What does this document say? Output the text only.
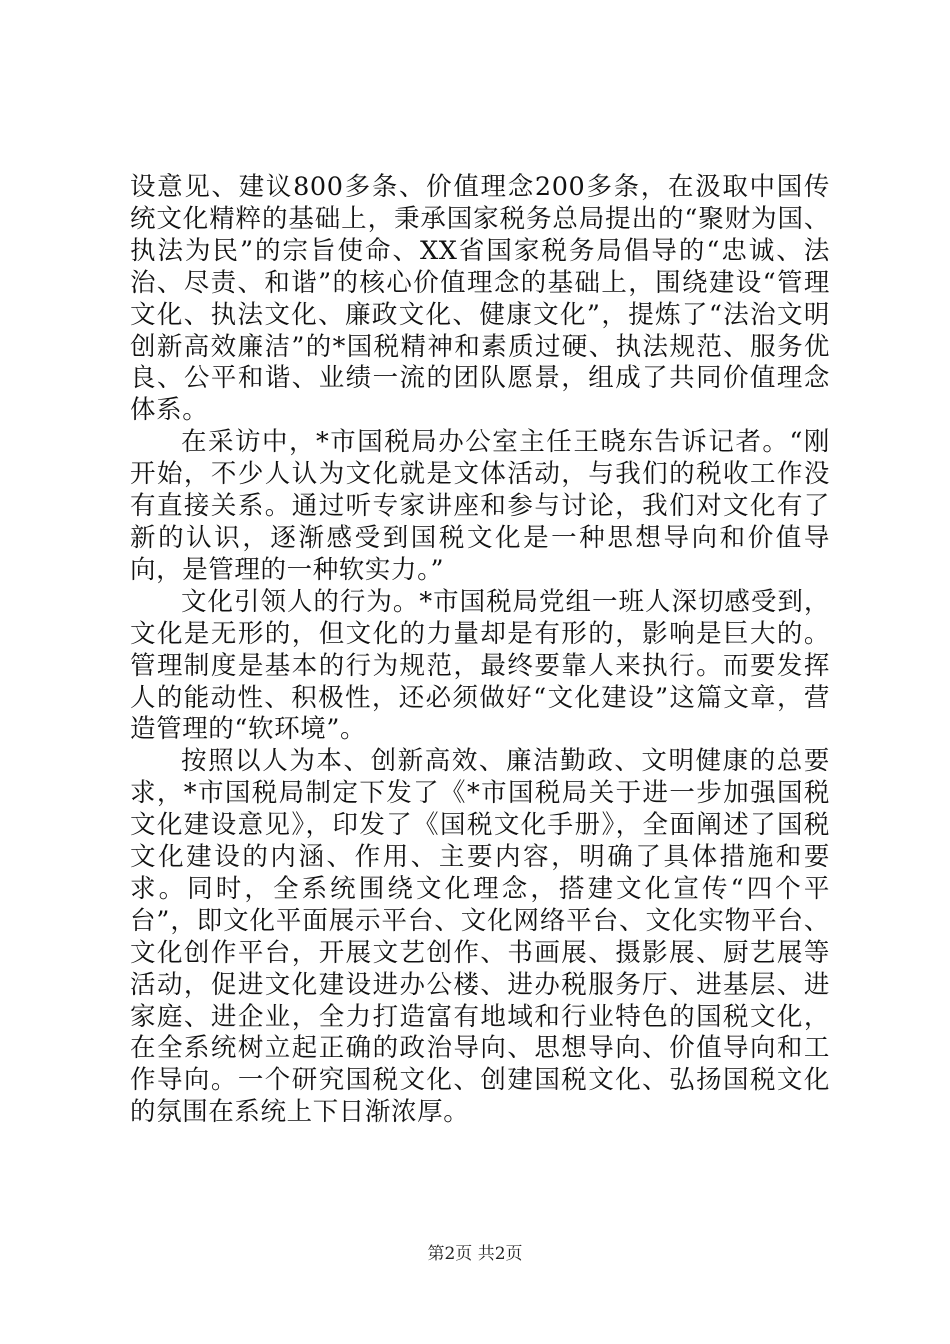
设意见、建议800多条、价值理念200多条，在汲取中国传统文化精粹的基础上，秉承国家税务总局提出的“聚财为国、执法为民”的宗旨使命、XX省国家税务局倡导的“忠诚、法治、尽责、和谐”的核心价值理念的基础上，围绕建设“管理文化、执法文化、廉政文化、健康文化”，提炼了“法治文明创新高效廉洁”的*国税精神和素质过硬、执法规范、服务优良、公平和谐、业绩一流的团队愿景，组成了共同价值理念体系。

在采访中，*市国税局办公室主任王晓东告诉记者。“刚开始，不少人认为文化就是文体活动，与我们的税收工作没有直接关系。通过听专家讲座和参与讨论，我们对文化有了新的认识，逐渐感受到国税文化是一种思想导向和价值导向，是管理的一种软实力。”

文化引领人的行为。*市国税局党组一班人深切感受到，文化是无形的，但文化的力量却是有形的，影响是巨大的。管理制度是基本的行为规范，最终要靠人来执行。而要发挥人的能动性、积极性，还必须做好“文化建设”这篇文章，营造管理的“软环境”。

按照以人为本、创新高效、廉洁勤政、文明健康的总要求，*市国税局制定下发了《*市国税局关于进一步加强国税文化建设意见》，印发了《国税文化手册》，全面阐述了国税文化建设的内涵、作用、主要内容，明确了具体措施和要求。同时，全系统围绕文化理念，搭建文化宣传“四个平台”，即文化平面展示平台、文化网络平台、文化实物平台、文化创作平台，开展文艺创作、书画展、摄影展、厨艺展等活动，促进文化建设进办公楼、进办税服务厅、进基层、进家庭、进企业，全力打造富有地域和行业特色的国税文化，在全系统树立起正确的政治导向、思想导向、价值导向和工作导向。一个研究国税文化、创建国税文化、弘扬国税文化的氛围在系统上下日渐浓厚。

第2页 共2页
